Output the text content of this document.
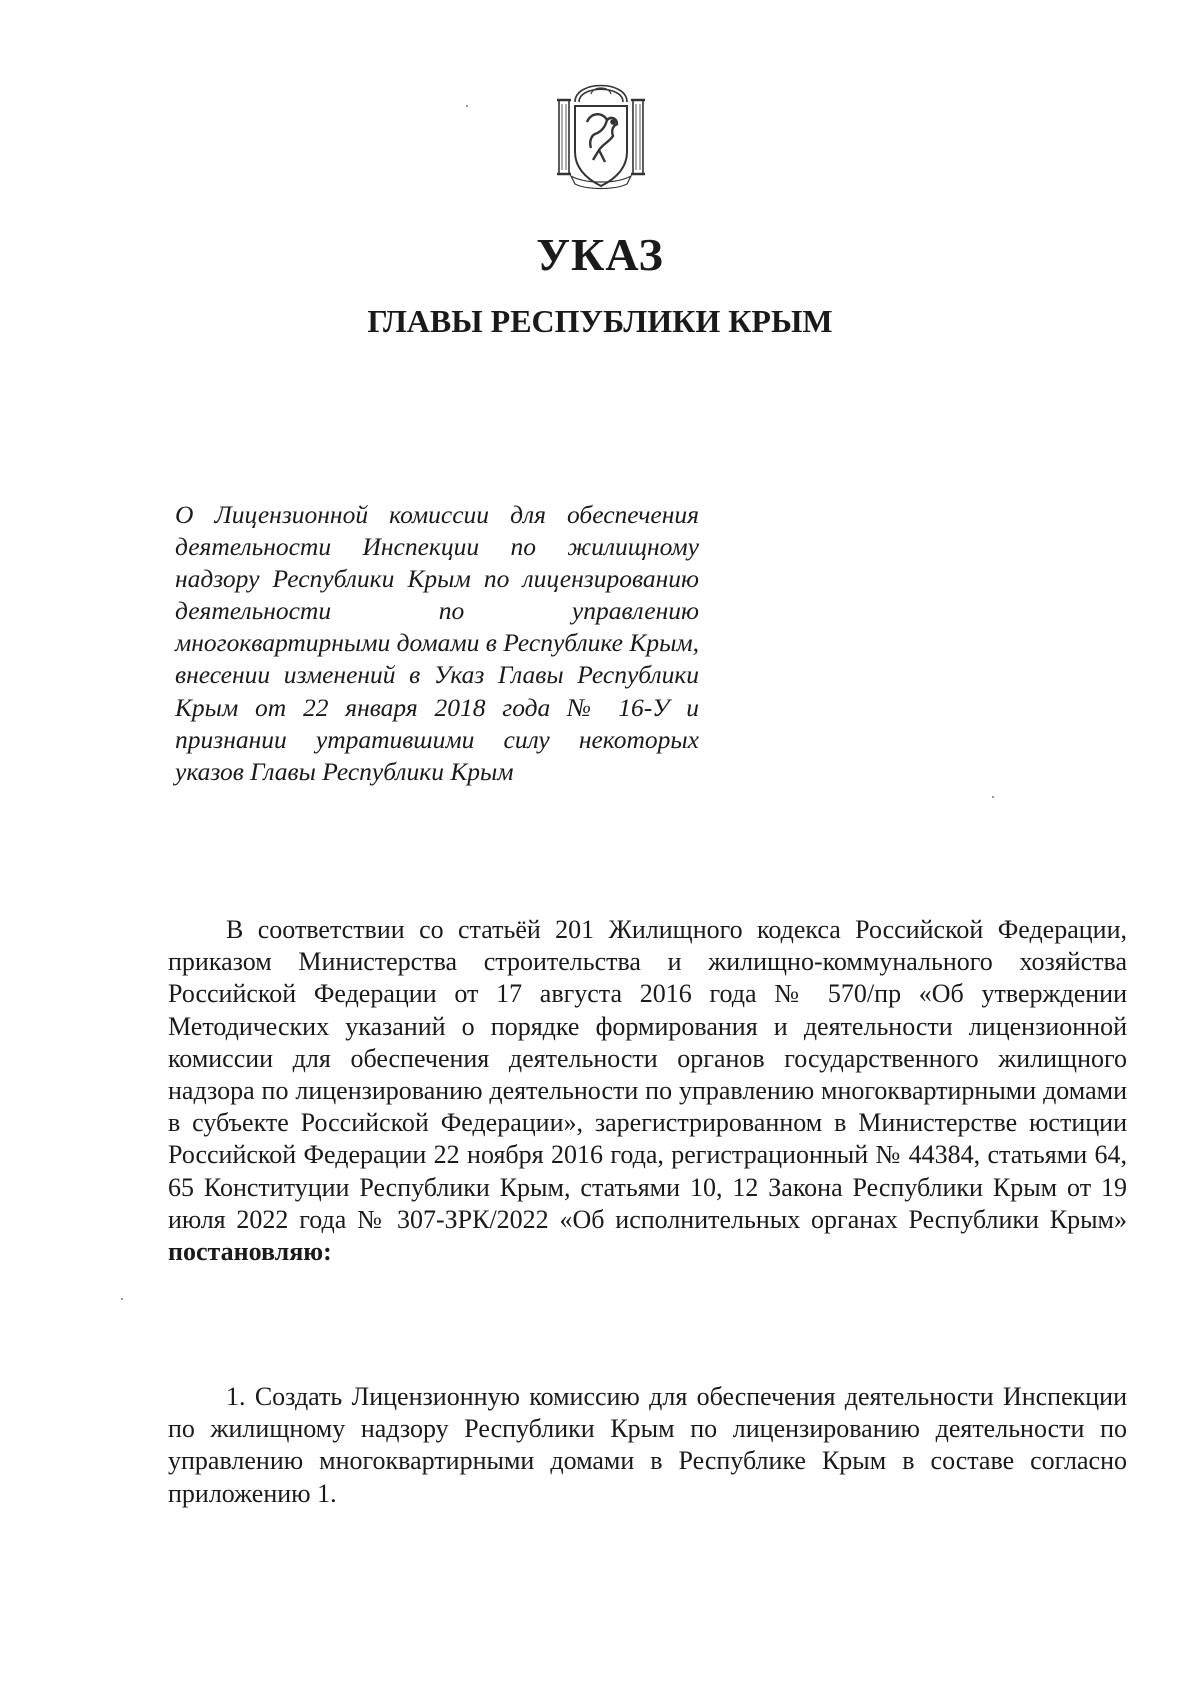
УКАЗ
ГЛАВЫ РЕСПУБЛИКИ КРЫМ
О Лицензионной комиссии для обеспечения деятельности Инспекции по жилищному надзору Республики Крым по лицензированию деятельности по управлению многоквартирными домами в Республике Крым, внесении изменений в Указ Главы Республики Крым от 22 января 2018 года № 16-У и признании утратившими силу некоторых указов Главы Республики Крым
В соответствии со статьёй 201 Жилищного кодекса Российской Федерации, приказом Министерства строительства и жилищно-коммунального хозяйства Российской Федерации от 17 августа 2016 года № 570/пр «Об утверждении Методических указаний о порядке формирования и деятельности лицензионной комиссии для обеспечения деятельности органов государственного жилищного надзора по лицензированию деятельности по управлению многоквартирными домами в субъекте Российской Федерации», зарегистрированном в Министерстве юстиции Российской Федерации 22 ноября 2016 года, регистрационный № 44384, статьями 64, 65 Конституции Республики Крым, статьями 10, 12 Закона Республики Крым от 19 июля 2022 года № 307-ЗРК/2022 «Об исполнительных органах Республики Крым» постановляю:
1. Создать Лицензионную комиссию для обеспечения деятельности Инспекции по жилищному надзору Республики Крым по лицензированию деятельности по управлению многоквартирными домами в Республике Крым в составе согласно приложению 1.
